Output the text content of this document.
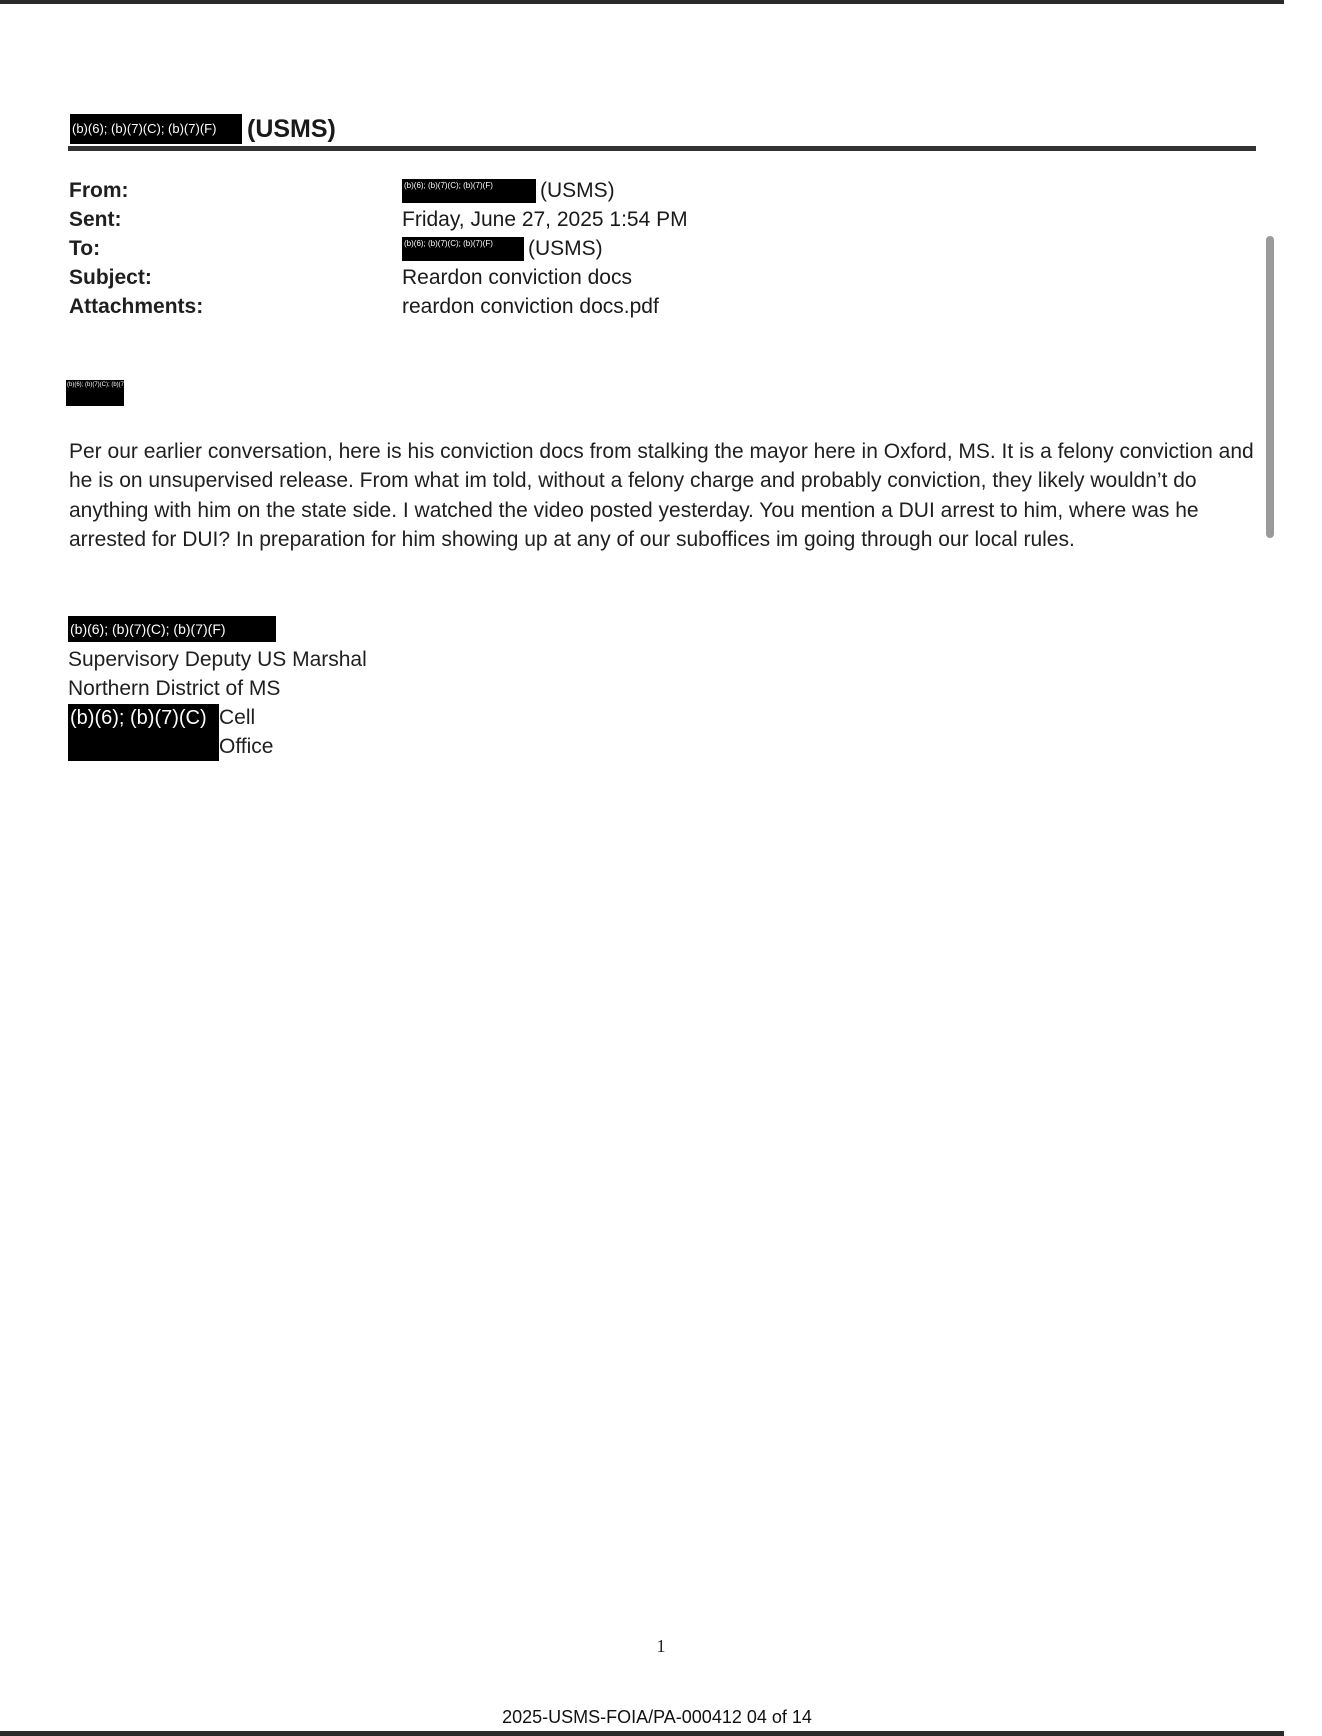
(b)(6); (b)(7)(C); (b)(7)(F)	(USMS)
From:	(b)(6); (b)(7)(C); (b)(7)(F)	(USMS)
Sent:	Friday, June 27, 2025 1:54 PM
To:	(b)(6); (b)(7)(C); (b)(7)(F)	(USMS)
Subject:	Reardon conviction docs
Attachments:	reardon conviction docs.pdf
(b)(6); (b)(7)(C); (b)(7)(F)
Per our earlier conversation, here is his conviction docs from stalking the mayor here in Oxford, MS. It is a felony conviction and he is on unsupervised release. From what im told, without a felony charge and probably conviction, they likely wouldn’t do anything with him on the state side. I watched the video posted yesterday. You mention a DUI arrest to him, where was he arrested for DUI? In preparation for him showing up at any of our suboffices im going through our local rules.
(b)(6); (b)(7)(C); (b)(7)(F)
Supervisory Deputy US Marshal
Northern District of MS
(b)(6); (b)(7)(C) Cell
Office
1
2025-USMS-FOIA/PA-000412 04 of 14
